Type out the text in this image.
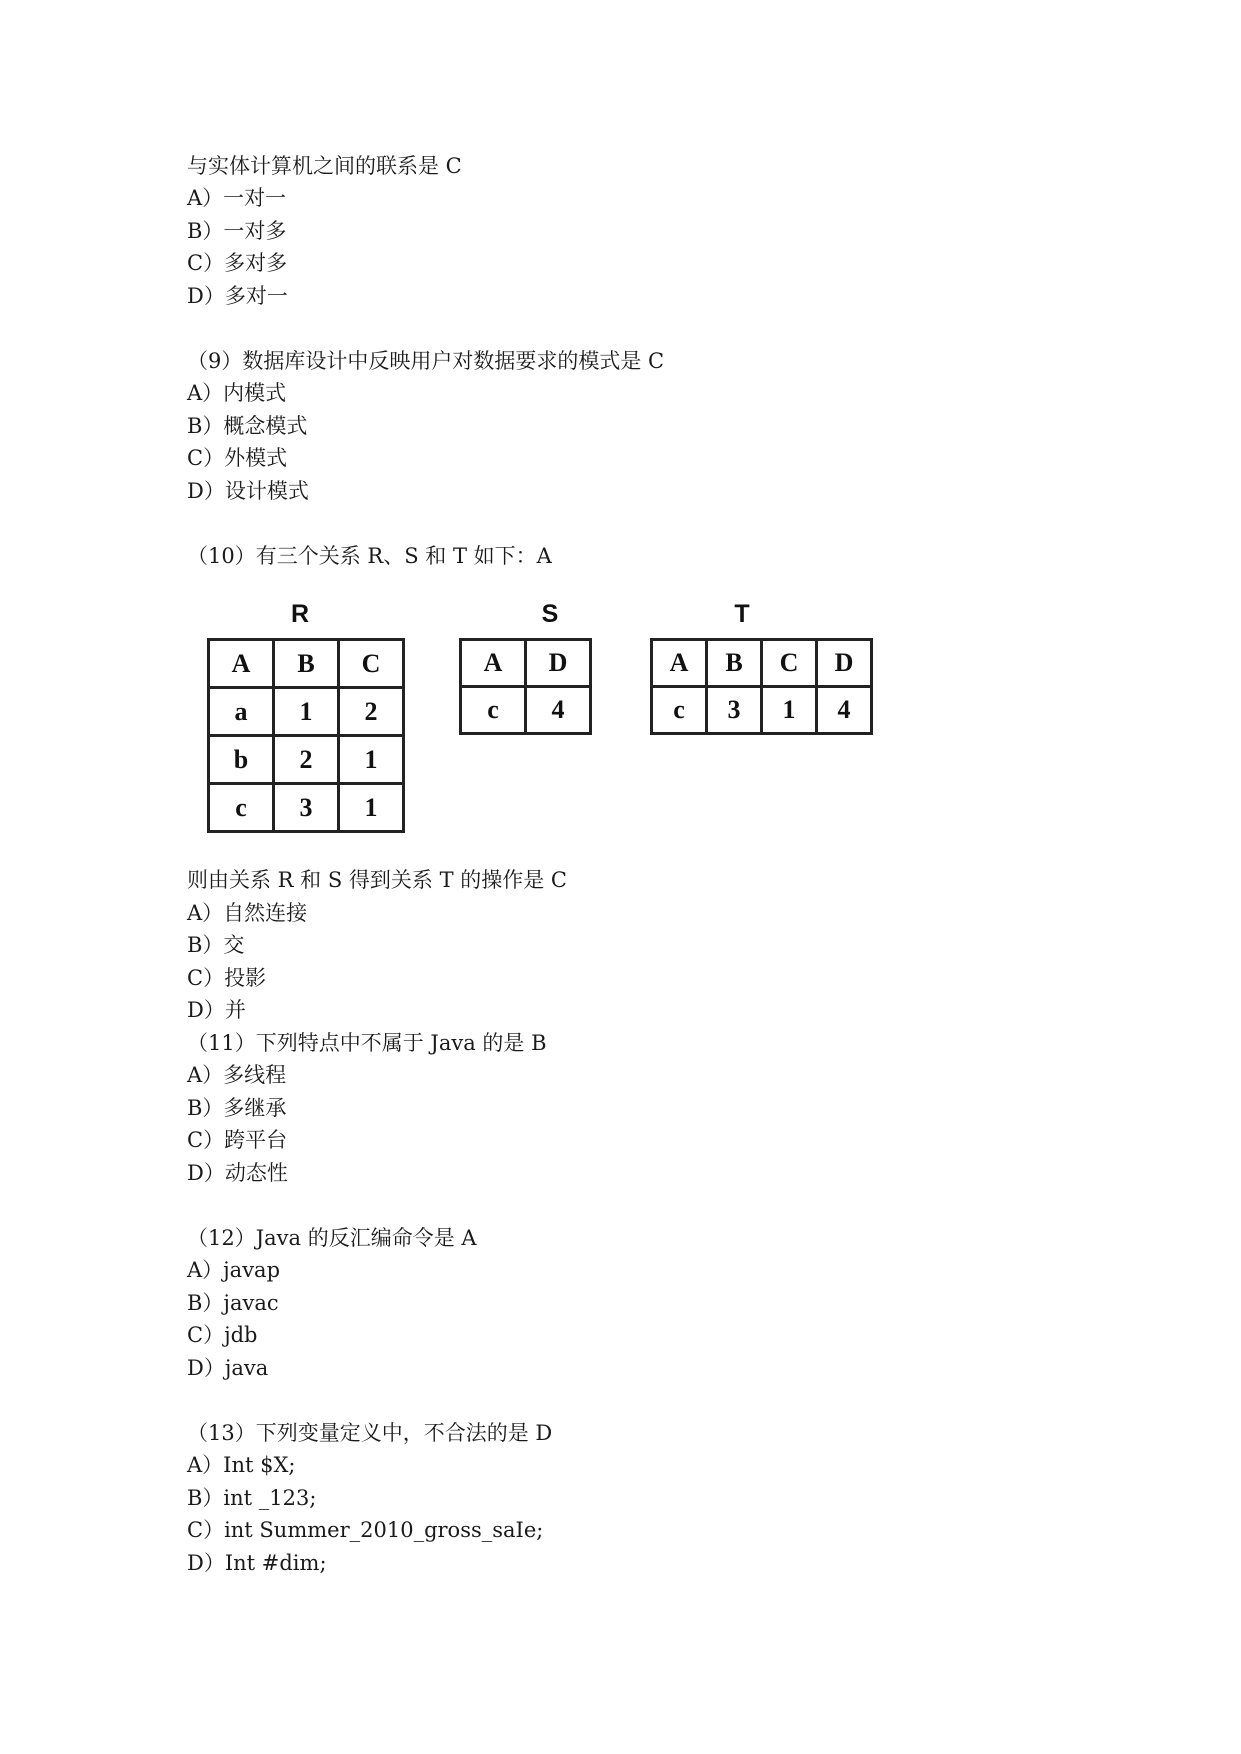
与实体计算机之间的联系是 C
A）一对一
B）一对多
C）多对多
D）多对一
（9）数据库设计中反映用户对数据要求的模式是 C
A）内模式
B）概念模式
C）外模式
D）设计模式
（10）有三个关系 R、S 和 T 如下：A
R	S	T
A	B	C
a	1	2
b	2	1
c	3	1
A	D
c	4
A	B	C	D
c	3	1	4
则由关系 R 和 S 得到关系 T 的操作是 C
A）自然连接
B）交
C）投影
D）并
（11）下列特点中不属于 Java 的是 B
A）多线程
B）多继承
C）跨平台
D）动态性
（12）Java 的反汇编命令是 A
A）javap
B）javac
C）jdb
D）java
（13）下列变量定义中，不合法的是 D
A）Int $X;
B）int _123;
C）int Summer_2010_gross_saIe;
D）Int #dim;
